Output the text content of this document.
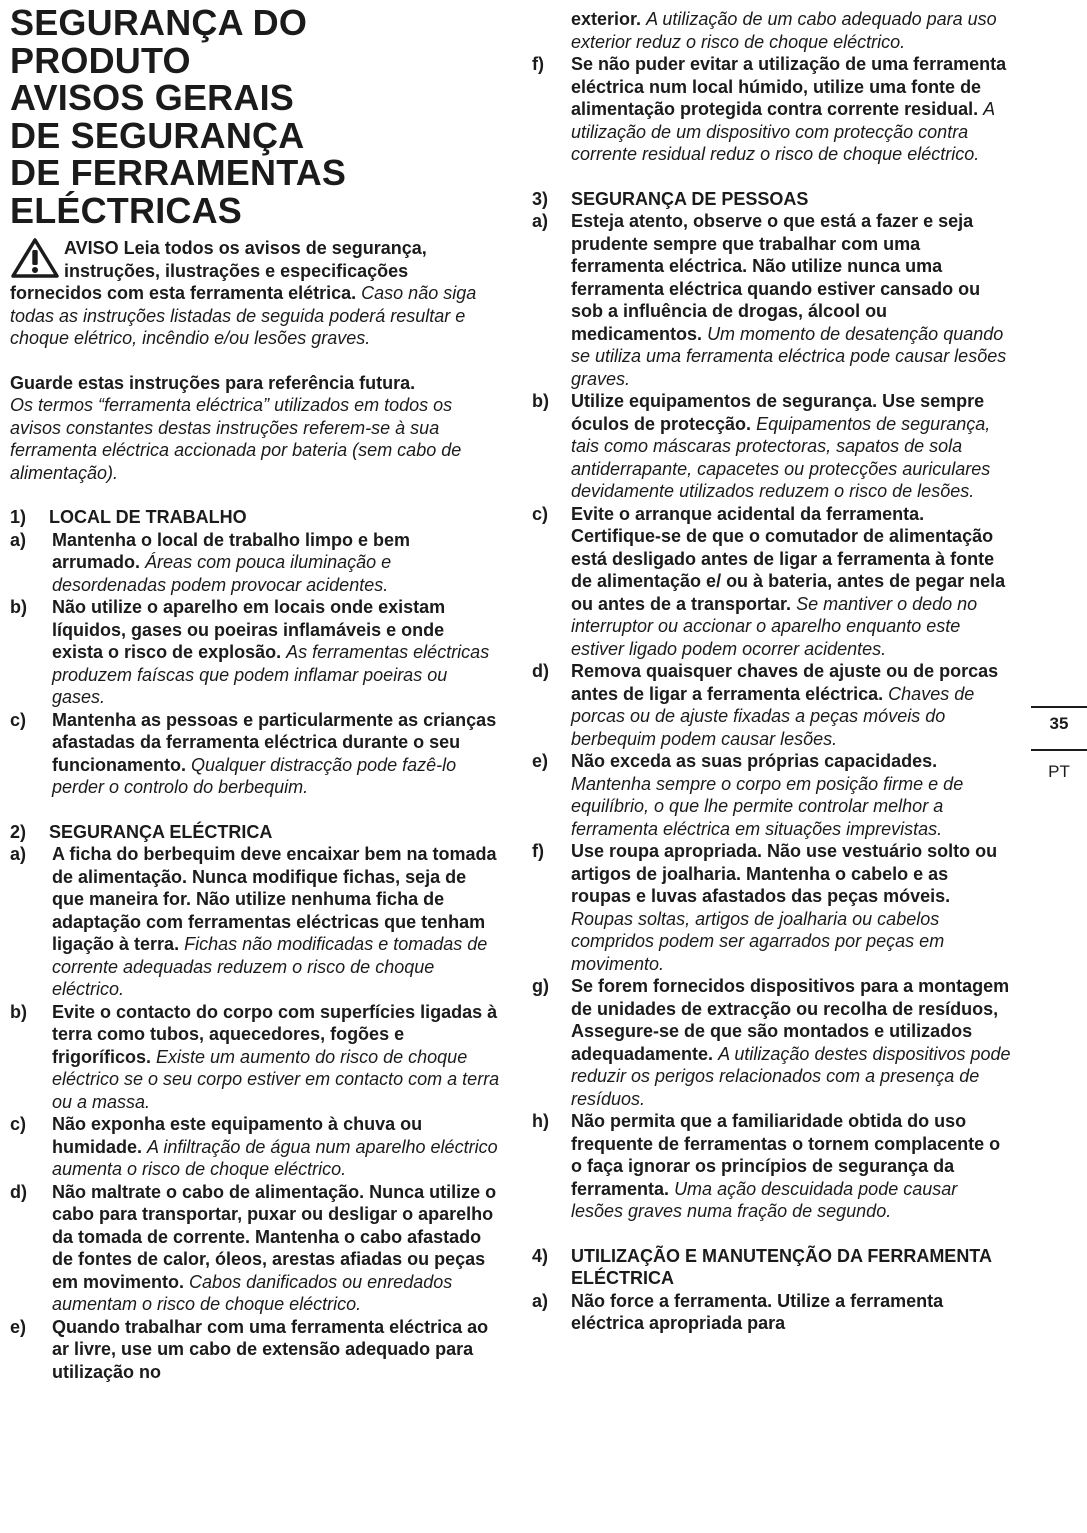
SEGURANÇA DO
PRODUTO
AVISOS GERAIS
DE SEGURANÇA
DE FERRAMENTAS
ELÉCTRICAS
AVISO Leia todos os avisos de segurança,
instruções, ilustrações e especificações
fornecidos com esta ferramenta elétrica. Caso não siga todas as instruções listadas de seguida poderá resultar e choque elétrico, incêndio e/ou lesões graves.
Guarde estas instruções para referência futura.
Os termos “ferramenta eléctrica” utilizados em todos os avisos constantes destas instruções referem-se à sua ferramenta eléctrica accionada por bateria (sem cabo de alimentação).
1) LOCAL DE TRABALHO
a) Mantenha o local de trabalho limpo e bem arrumado. Áreas com pouca iluminação e desordenadas podem provocar acidentes.
b) Não utilize o aparelho em locais onde existam líquidos, gases ou poeiras inflamáveis e onde exista o risco de explosão. As ferramentas eléctricas produzem faíscas que podem inflamar poeiras ou gases.
c) Mantenha as pessoas e particularmente as crianças afastadas da ferramenta eléctrica durante o seu funcionamento. Qualquer distracção pode fazê-lo perder o controlo do berbequim.
2) SEGURANÇA ELÉCTRICA
a) A ficha do berbequim deve encaixar bem na tomada de alimentação. Nunca modifique fichas, seja de que maneira for. Não utilize nenhuma ficha de adaptação com ferramentas eléctricas que tenham ligação à terra. Fichas não modificadas e tomadas de corrente adequadas reduzem o risco de choque eléctrico.
b) Evite o contacto do corpo com superfícies ligadas à terra como tubos, aquecedores, fogões e frigoríficos. Existe um aumento do risco de choque eléctrico se o seu corpo estiver em contacto com a terra ou a massa.
c) Não exponha este equipamento à chuva ou humidade. A infiltração de água num aparelho eléctrico aumenta o risco de choque eléctrico.
d) Não maltrate o cabo de alimentação. Nunca utilize o cabo para transportar, puxar ou desligar o aparelho da tomada de corrente. Mantenha o cabo afastado de fontes de calor, óleos, arestas afiadas ou peças em movimento. Cabos danificados ou enredados aumentam o risco de choque eléctrico.
e) Quando trabalhar com uma ferramenta eléctrica ao ar livre, use um cabo de extensão adequado para utilização no
exterior. A utilização de um cabo adequado para uso exterior reduz o risco de choque eléctrico.
f) Se não puder evitar a utilização de uma ferramenta eléctrica num local húmido, utilize uma fonte de alimentação protegida contra corrente residual. A utilização de um dispositivo com protecção contra corrente residual reduz o risco de choque eléctrico.
3) SEGURANÇA DE PESSOAS
a) Esteja atento, observe o que está a fazer e seja prudente sempre que trabalhar com uma ferramenta eléctrica. Não utilize nunca uma ferramenta eléctrica quando estiver cansado ou sob a influência de drogas, álcool ou medicamentos. Um momento de desatenção quando se utiliza uma ferramenta eléctrica pode causar lesões graves.
b) Utilize equipamentos de segurança. Use sempre óculos de protecção. Equipamentos de segurança, tais como máscaras protectoras, sapatos de sola antiderrapante, capacetes ou protecções auriculares devidamente utilizados reduzem o risco de lesões.
c) Evite o arranque acidental da ferramenta. Certifique-se de que o comutador de alimentação está desligado antes de ligar a ferramenta à fonte de alimentação e/ ou à bateria, antes de pegar nela ou antes de a transportar. Se mantiver o dedo no interruptor ou accionar o aparelho enquanto este estiver ligado podem ocorrer acidentes.
d) Remova quaisquer chaves de ajuste ou de porcas antes de ligar a ferramenta eléctrica. Chaves de porcas ou de ajuste fixadas a peças móveis do berbequim podem causar lesões.
e) Não exceda as suas próprias capacidades. Mantenha sempre o corpo em posição firme e de equilíbrio, o que lhe permite controlar melhor a ferramenta eléctrica em situações imprevistas.
f) Use roupa apropriada. Não use vestuário solto ou artigos de joalharia. Mantenha o cabelo e as roupas e luvas afastados das peças móveis. Roupas soltas, artigos de joalharia ou cabelos compridos podem ser agarrados por peças em movimento.
g) Se forem fornecidos dispositivos para a montagem de unidades de extracção ou recolha de resíduos, Assegure-se de que são montados e utilizados adequadamente. A utilização destes dispositivos pode reduzir os perigos relacionados com a presença de resíduos.
h) Não permita que a familiaridade obtida do uso frequente de ferramentas o tornem complacente o o faça ignorar os princípios de segurança da ferramenta. Uma ação descuidada pode causar lesões graves numa fração de segundo.
4) UTILIZAÇÃO E MANUTENÇÃO DA FERRAMENTA ELÉCTRICA
a) Não force a ferramenta. Utilize a ferramenta eléctrica apropriada para
35
PT
